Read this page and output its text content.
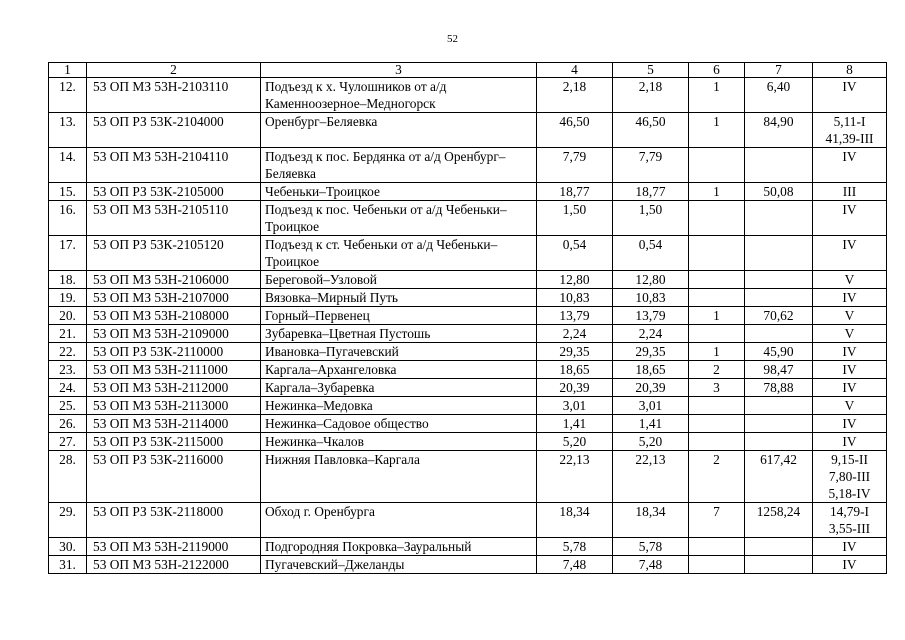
52
1	2	3	4	5	6	7	8
12.	53 ОП МЗ 53Н-2103110	Подъезд к х. Чулошников от а/д Каменноозерное–Медногорск	2,18	2,18	1	6,40	IV
13.	53 ОП РЗ 53К-2104000	Оренбург–Беляевка	46,50	46,50	1	84,90	5,11-I
41,39-III
14.	53 ОП МЗ 53Н-2104110	Подъезд к пос. Бердянка от а/д Оренбург–Беляевка	7,79	7,79			IV
15.	53 ОП РЗ 53К-2105000	Чебеньки–Троицкое	18,77	18,77	1	50,08	III
16.	53 ОП МЗ 53Н-2105110	Подъезд к пос. Чебеньки от а/д Чебеньки–Троицкое	1,50	1,50			IV
17.	53 ОП РЗ 53К-2105120	Подъезд к ст. Чебеньки от а/д Чебеньки–Троицкое	0,54	0,54			IV
18.	53 ОП МЗ 53Н-2106000	Береговой–Узловой	12,80	12,80			V
19.	53 ОП МЗ 53Н-2107000	Вязовка–Мирный Путь	10,83	10,83			IV
20.	53 ОП МЗ 53Н-2108000	Горный–Первенец	13,79	13,79	1	70,62	V
21.	53 ОП МЗ 53Н-2109000	Зубаревка–Цветная Пустошь	2,24	2,24			V
22.	53 ОП РЗ 53К-2110000	Ивановка–Пугачевский	29,35	29,35	1	45,90	IV
23.	53 ОП МЗ 53Н-2111000	Каргала–Архангеловка	18,65	18,65	2	98,47	IV
24.	53 ОП МЗ 53Н-2112000	Каргала–Зубаревка	20,39	20,39	3	78,88	IV
25.	53 ОП МЗ 53Н-2113000	Нежинка–Медовка	3,01	3,01			V
26.	53 ОП МЗ 53Н-2114000	Нежинка–Садовое общество	1,41	1,41			IV
27.	53 ОП РЗ 53К-2115000	Нежинка–Чкалов	5,20	5,20			IV
28.	53 ОП РЗ 53К-2116000	Нижняя Павловка–Каргала	22,13	22,13	2	617,42	9,15-II
7,80-III
5,18-IV
29.	53 ОП РЗ 53К-2118000	Обход г. Оренбурга	18,34	18,34	7	1258,24	14,79-I
3,55-III
30.	53 ОП МЗ 53Н-2119000	Подгородняя Покровка–Зауральный	5,78	5,78			IV
31.	53 ОП МЗ 53Н-2122000	Пугачевский–Джеланды	7,48	7,48			IV
